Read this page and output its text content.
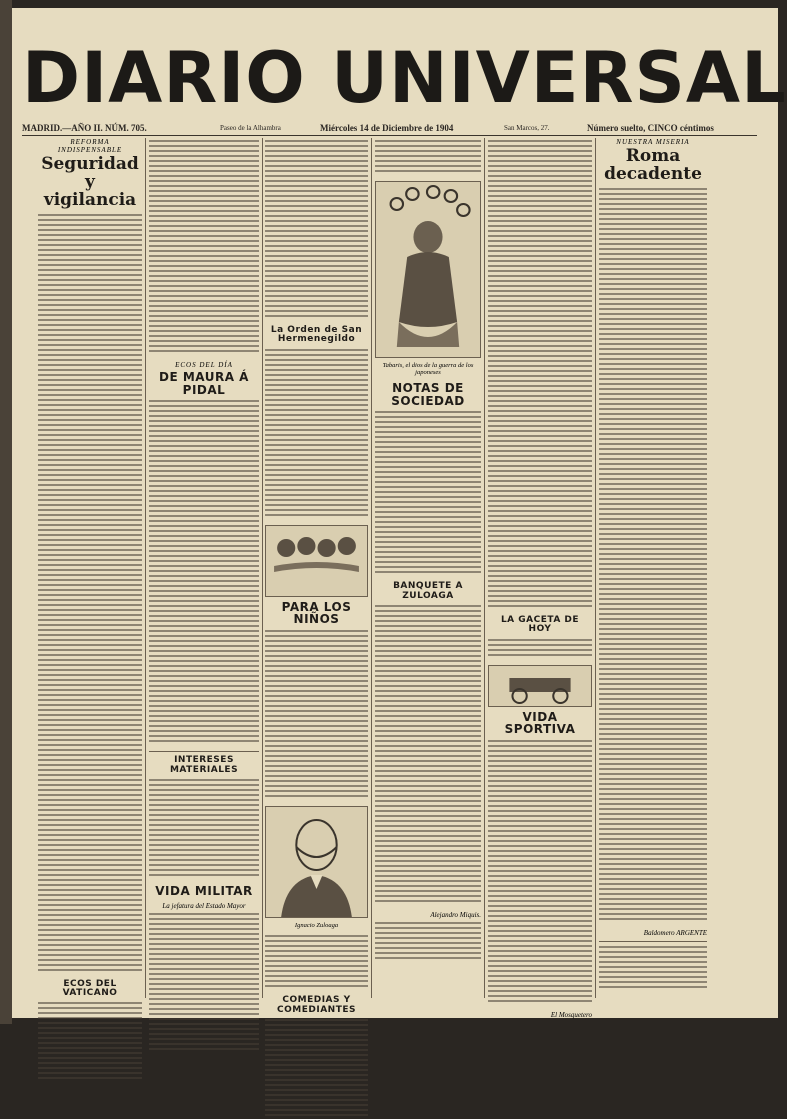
DIARIO UNIVERSAL
MADRID.—AÑO II. NÚM. 705.	Paseo de la Alhambra	Miércoles 14 de Diciembre de 1904	San Marcos, 27.	Número suelto, CINCO céntimos
REFORMA INDISPENSABLE
Seguridad y vigilancia
ECOS DEL VATICANO
ECOS DEL DÍA
DE MAURA Á PIDAL
INTERESES MATERIALES
VIDA MILITAR
La jefatura del Estado Mayor
La Orden de San Hermenegildo
PARA LOS NIÑOS
Ignacio Zuloaga
COMEDIAS Y COMEDIANTES
Tabaris, el dios de la guerra de los japoneses
NOTAS DE SOCIEDAD
BANQUETE A ZULOAGA
Alejandro Miquis.
LA GACETA DE HOY
VIDA SPORTIVA
El Mosquetero
NUESTRA MISERIA
Roma decadente
Baldomero ARGENTE
